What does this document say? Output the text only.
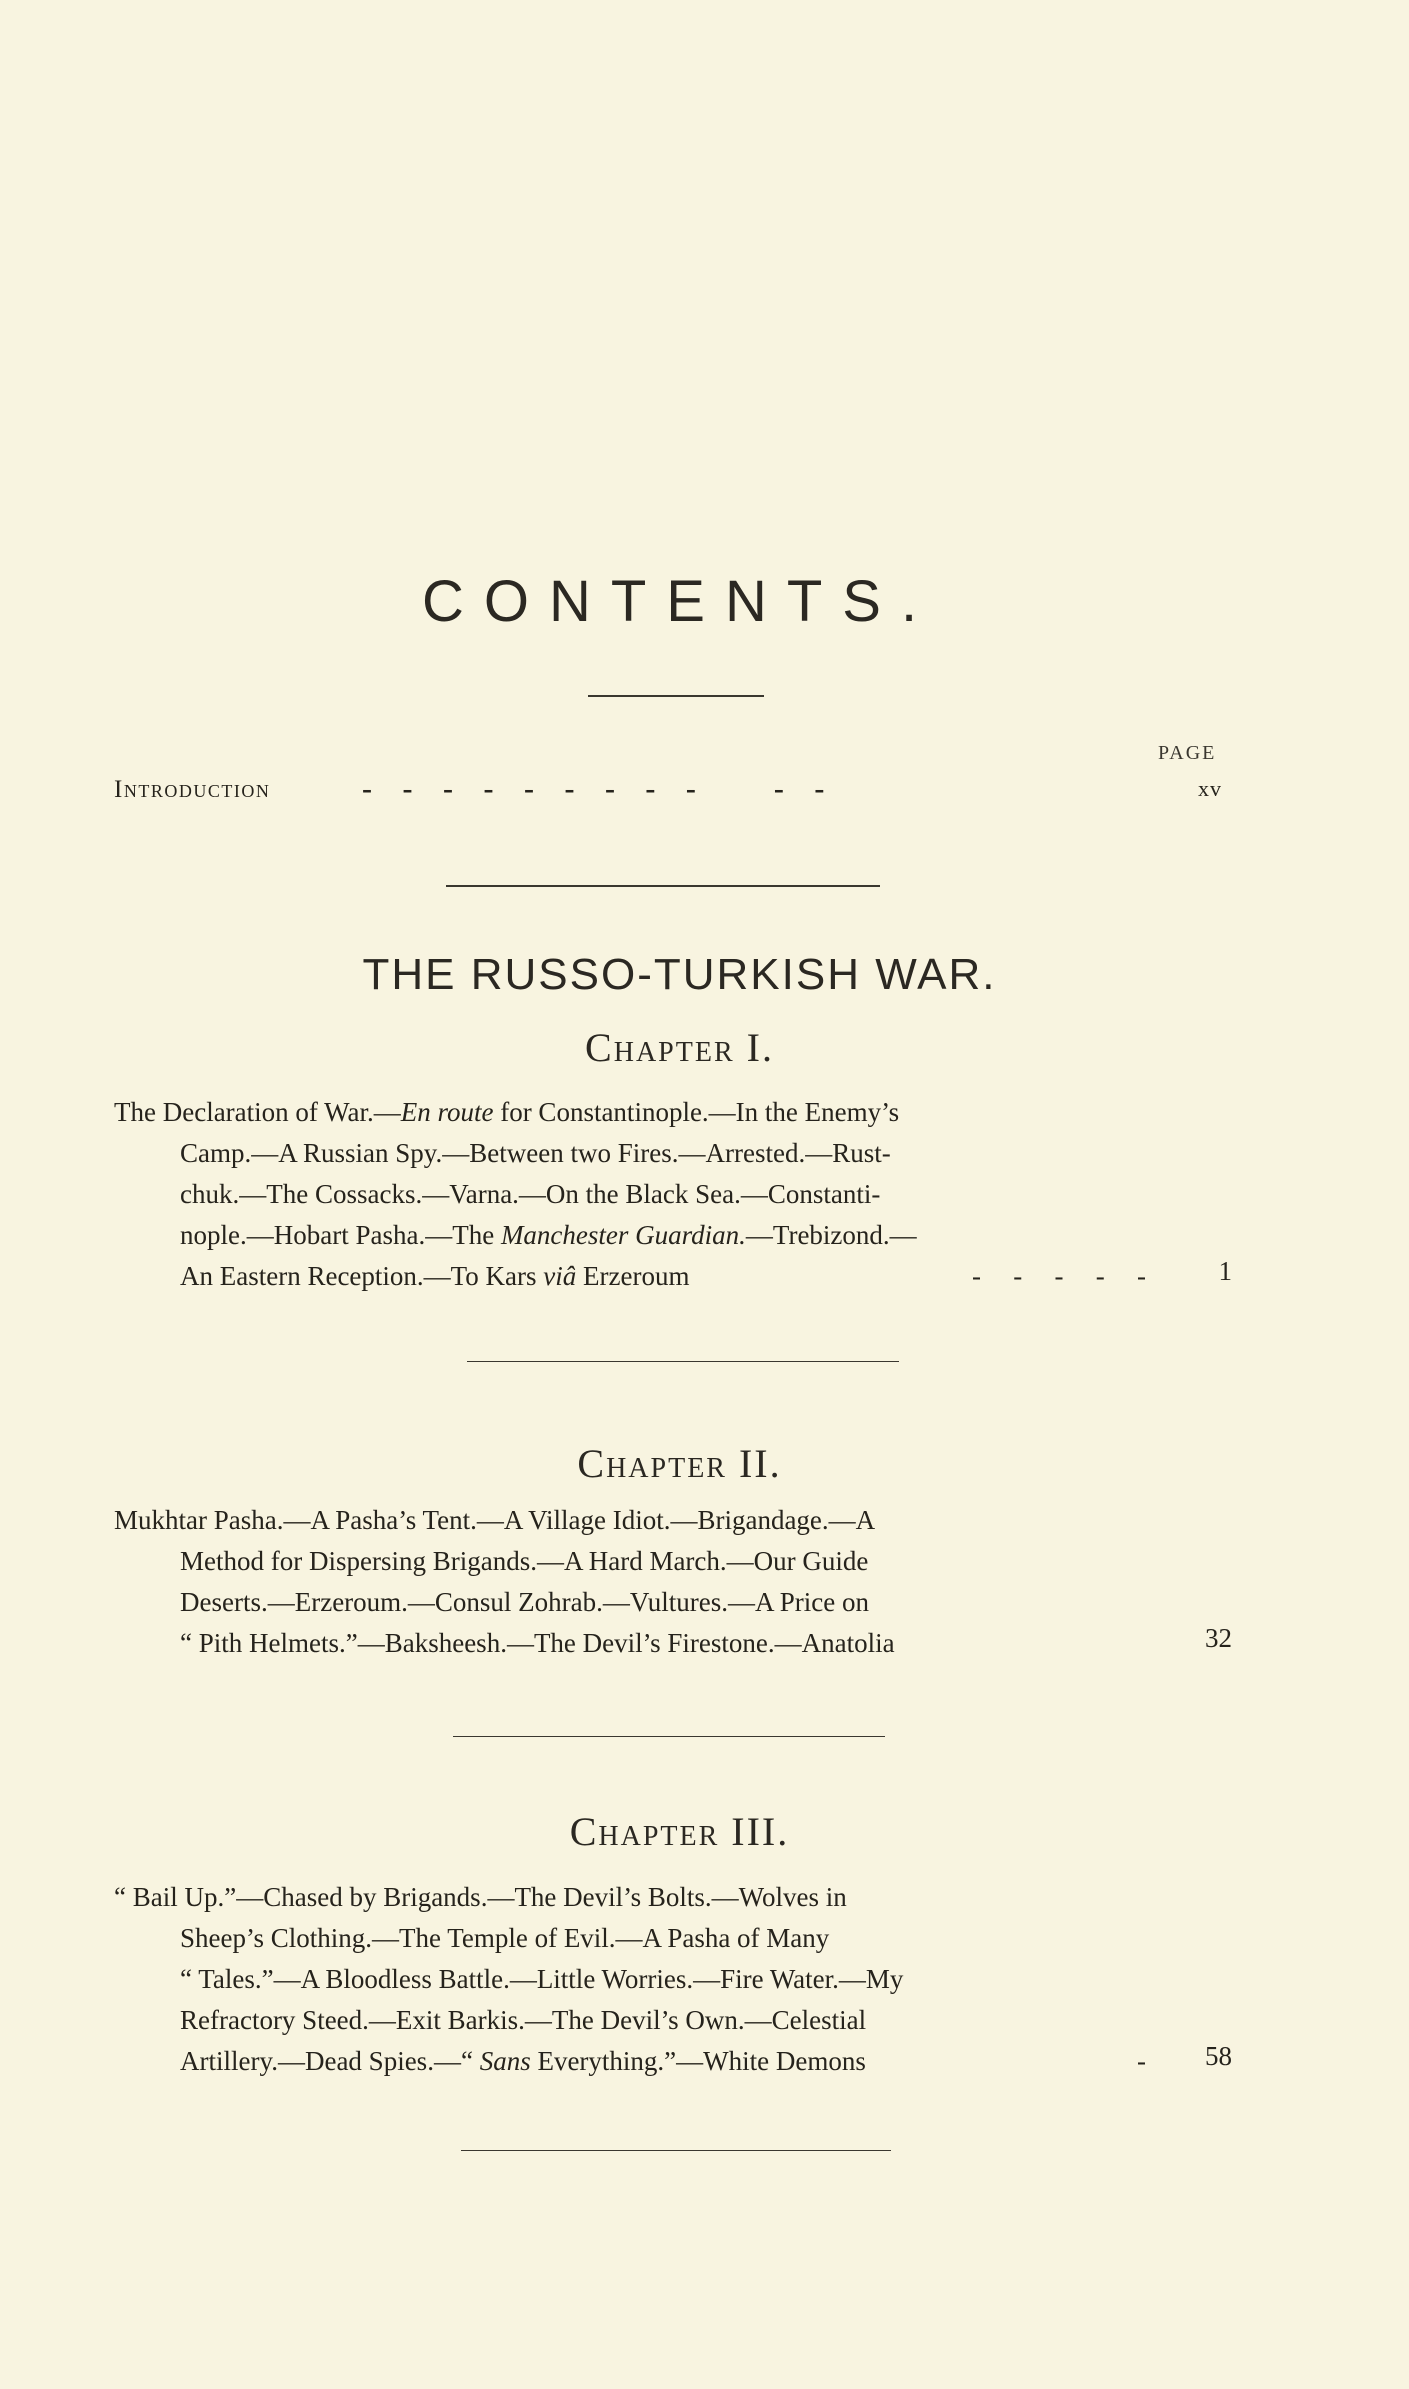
CONTENTS.
PAGE
Introduction	-   -   -   -   -   -   -   -   -        -   -	xv
THE RUSSO-TURKISH WAR.
Chapter I.
The Declaration of War.—En route for Constantinople.—In the Enemy’s
Camp.—A Russian Spy.—Between two Fires.—Arrested.—Rust-
chuk.—The Cossacks.—Varna.—On the Black Sea.—Constanti-
nople.—Hobart Pasha.—The Manchester Guardian.—Trebizond.—
An Eastern Reception.—To Kars viâ Erzeroum	-   -   -   -   -	1
Chapter II.
Mukhtar Pasha.—A Pasha’s Tent.—A Village Idiot.—Brigandage.—A
Method for Dispersing Brigands.—A Hard March.—Our Guide
Deserts.—Erzeroum.—Consul Zohrab.—Vultures.—A Price on
“ Pith Helmets.”—Baksheesh.—The Devil’s Firestone.—Anatolia	32
Chapter III.
“ Bail Up.”—Chased by Brigands.—The Devil’s Bolts.—Wolves in
Sheep’s Clothing.—The Temple of Evil.—A Pasha of Many
“ Tales.”—A Bloodless Battle.—Little Worries.—Fire Water.—My
Refractory Steed.—Exit Barkis.—The Devil’s Own.—Celestial
Artillery.—Dead Spies.—“ Sans Everything.”—White Demons	-	58
